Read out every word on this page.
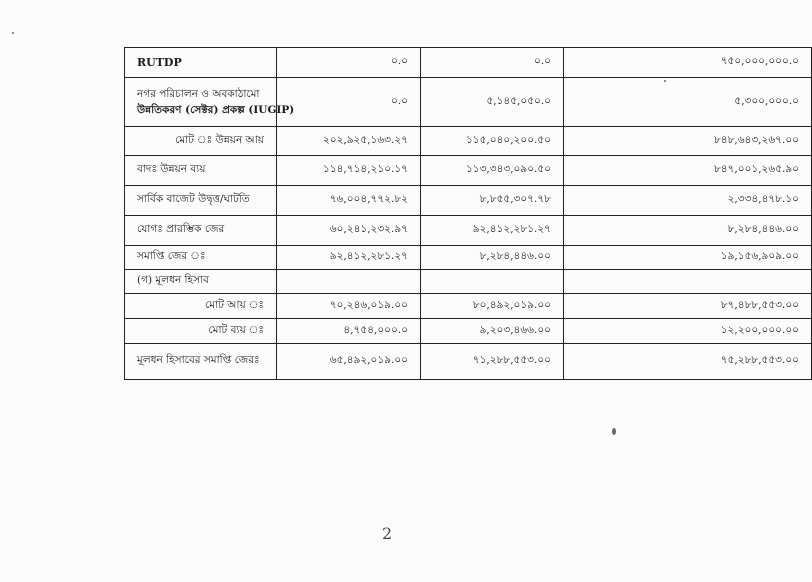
RUTDP	০.০	০.০	৭৫০,০০০,০০০.০

নগর পরিচালন ও অবকাঠামো
উন্নতিকরণ (সেক্টর) প্রকল্প (IUGIP)	০.০	৫,১৪৫,০৫০.০	৫,৩০০,০০০.০
মোট ঃ উন্নয়ন আয়	২০২,৯২৫,১৬৩.২৭	১১৫,০৪০,২০০.৫০	৮৪৮,৬৪৩,২৬৭.০০
বাদঃ উন্নয়ন ব্যয়	১১৪,৭১৪,২১০.১৭	১১৩,৩৪৩,০৯০.৫০	৮৪৭,০০১,২৬৫.৯০
সার্বিক বাজেট উদ্বৃত্ত/ঘাটতি	৭৬,০০৪,৭৭২.৮২	৮,৮৫৫,৩০৭.৭৮	২,৩৩৪,৪৭৮.১০
যোগঃ প্রারম্ভিক জের	৬০,২৪১,২৩২.৯৭	৯২,৪১২,২৮১.২৭	৮,২৮৪,৪৪৬.০০
সমাপ্তি জের ঃ	৯২,৪১২,২৮১.২৭	৮,২৮৪,৪৪৬.০০	১৯,১৫৬,৯০৯.০০
(গ) মূলধন হিসাব			
মোট আয় ঃ	৭০,২৪৬,০১৯.০০	৮০,৪৯২,০১৯.০০	৮৭,৪৮৮,৫৫৩.০০
মোট ব্যয় ঃ	৪,৭৫৪,০০০.০	৯,২০৩,৪৬৬.০০	১২,২০০,০০০.০০
মূলধন হিসাবের সমাপ্তি জেরঃ	৬৫,৪৯২,০১৯.০০	৭১,২৮৮,৫৫৩.০০	৭৫,২৮৮,৫৫৩.০০
2
